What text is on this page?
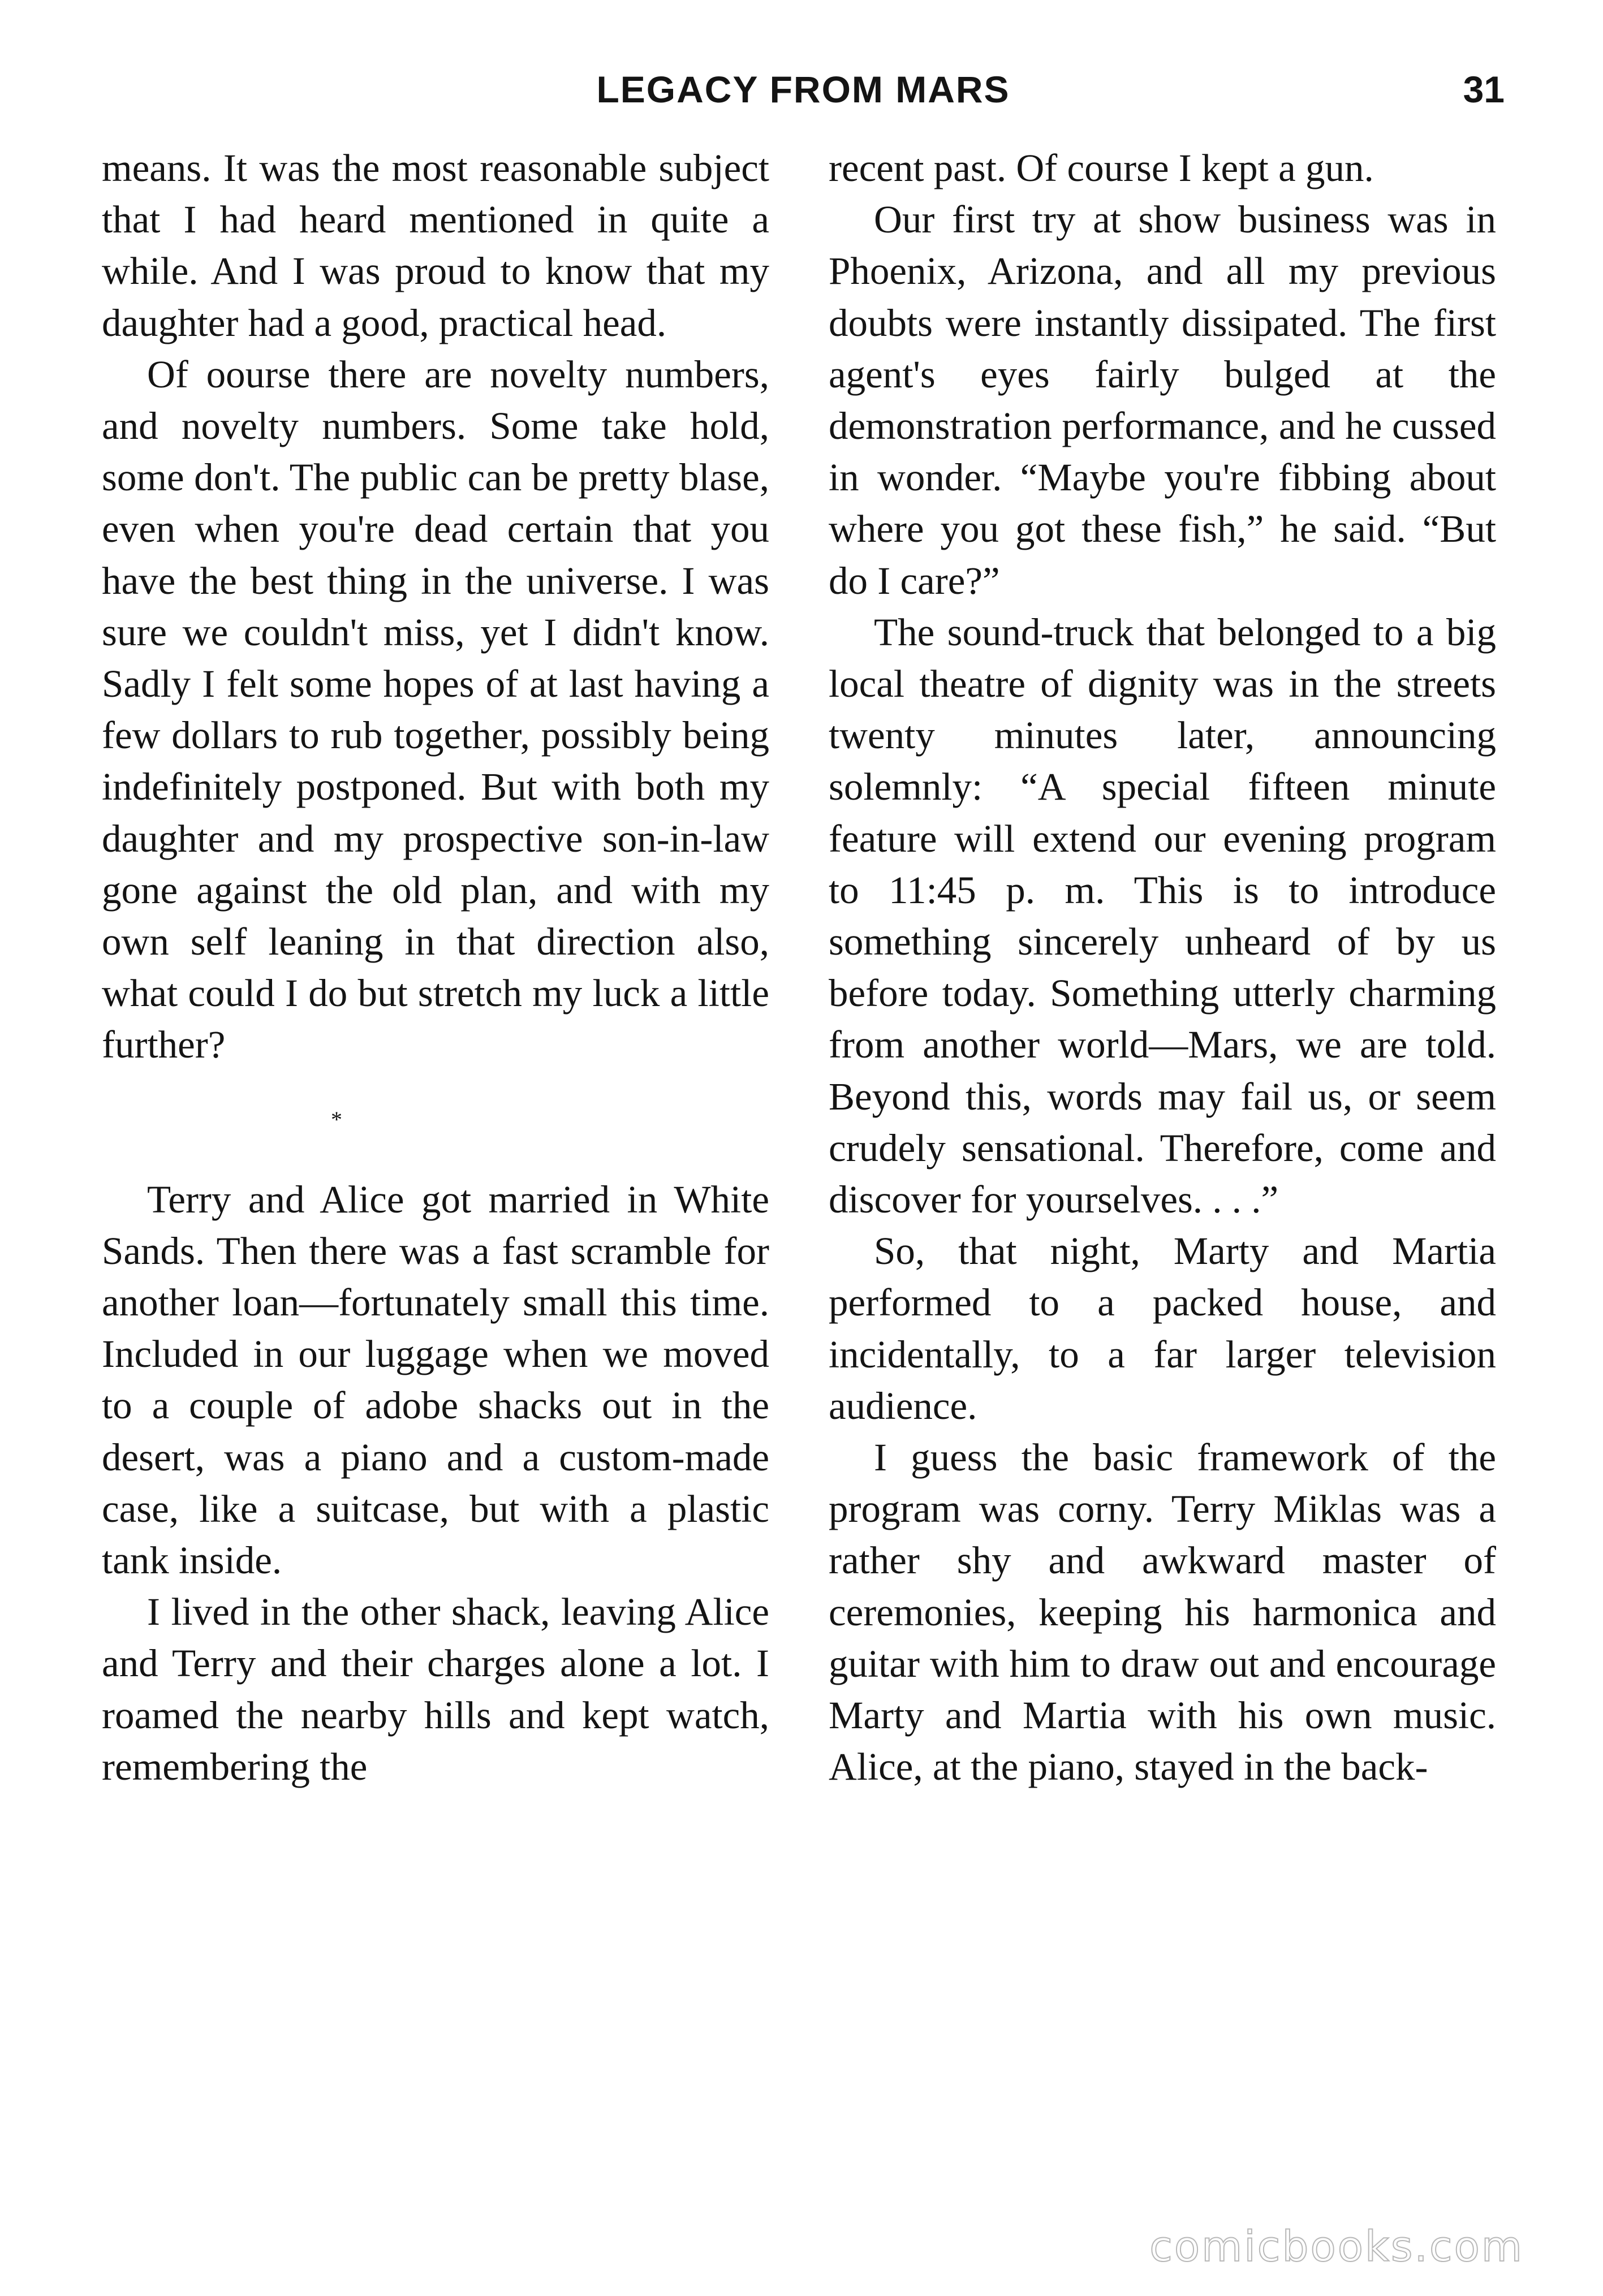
LEGACY FROM MARS	31

means. It was the most reasonable subject that I had heard mentioned in quite a while. And I was proud to know that my daughter had a good, practical head.

Of oourse there are novelty numbers, and novelty numbers. Some take hold, some don't. The public can be pretty blase, even when you're dead certain that you have the best thing in the universe. I was sure we couldn't miss, yet I didn't know. Sadly I felt some hopes of at last having a few dollars to rub together, possibly being indefinitely postponed. But with both my daughter and my prospective son-in-law gone against the old plan, and with my own self leaning in that direction also, what could I do but stretch my luck a little further?

*

Terry and Alice got married in White Sands. Then there was a fast scramble for another loan—fortunately small this time. Included in our luggage when we moved to a couple of adobe shacks out in the desert, was a piano and a custom-made case, like a suitcase, but with a plastic tank inside.

I lived in the other shack, leaving Alice and Terry and their charges alone a lot. I roamed the nearby hills and kept watch, remembering the

recent past. Of course I kept a gun.

Our first try at show business was in Phoenix, Arizona, and all my previous doubts were instantly dissipated. The first agent's eyes fairly bulged at the demonstration performance, and he cussed in wonder. “Maybe you're fibbing about where you got these fish,” he said. “But do I care?”

The sound-truck that belonged to a big local theatre of dignity was in the streets twenty minutes later, announcing solemnly: “A special fifteen minute feature will extend our evening program to 11:45 p. m. This is to introduce something sincerely unheard of by us before today. Something utterly charming from another world—Mars, we are told. Beyond this, words may fail us, or seem crudely sensational. Therefore, come and discover for yourselves. . . .”

So, that night, Marty and Martia performed to a packed house, and incidentally, to a far larger television audience.

I guess the basic framework of the program was corny. Terry Miklas was a rather shy and awkward master of ceremonies, keeping his harmonica and guitar with him to draw out and encourage Marty and Martia with his own music. Alice, at the piano, stayed in the back-

comicbooks.com
